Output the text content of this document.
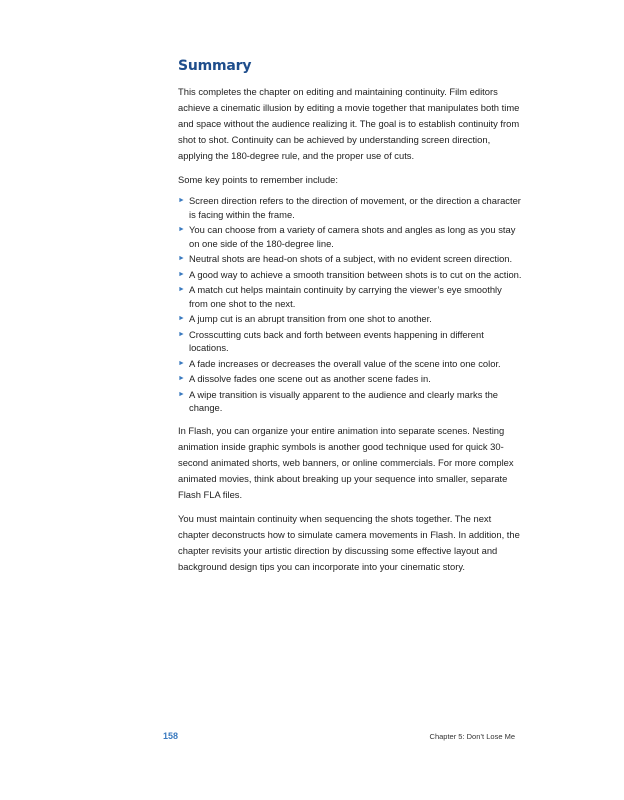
Summary

This completes the chapter on editing and maintaining continuity. Film editors achieve a cinematic illusion by editing a movie together that manipulates both time and space without the audience realizing it. The goal is to establish continuity from shot to shot. Continuity can be achieved by understanding screen direction, applying the 180-degree rule, and the proper use of cuts.

Some key points to remember include:

► Screen direction refers to the direction of movement, or the direction a character is facing within the frame.
► You can choose from a variety of camera shots and angles as long as you stay on one side of the 180-degree line.
► Neutral shots are head-on shots of a subject, with no evident screen direction.
► A good way to achieve a smooth transition between shots is to cut on the action.
► A match cut helps maintain continuity by carrying the viewer’s eye smoothly from one shot to the next.
► A jump cut is an abrupt transition from one shot to another.
► Crosscutting cuts back and forth between events happening in different locations.
► A fade increases or decreases the overall value of the scene into one color.
► A dissolve fades one scene out as another scene fades in.
► A wipe transition is visually apparent to the audience and clearly marks the change.

In Flash, you can organize your entire animation into separate scenes. Nesting animation inside graphic symbols is another good technique used for quick 30-second animated shorts, web banners, or online commercials. For more complex animated movies, think about breaking up your sequence into smaller, separate Flash FLA files.

You must maintain continuity when sequencing the shots together. The next chapter deconstructs how to simulate camera movements in Flash. In addition, the chapter revisits your artistic direction by discussing some effective layout and background design tips you can incorporate into your cinematic story.

158	Chapter 5: Don’t Lose Me
